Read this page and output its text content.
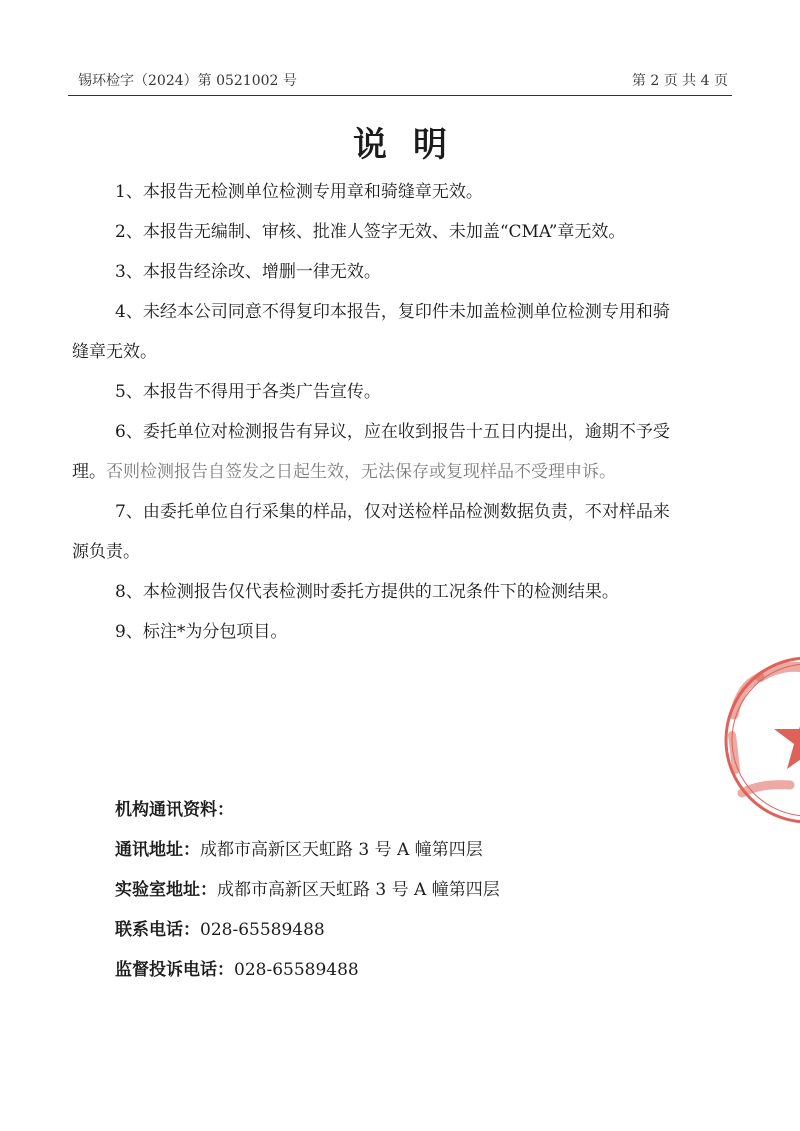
锡环检字（2024）第 0521002 号	第 2 页 共 4 页
说明

1、本报告无检测单位检测专用章和骑缝章无效。

2、本报告无编制、审核、批准人签字无效、未加盖“CMA”章无效。

3、本报告经涂改、增删一律无效。

4、未经本公司同意不得复印本报告，复印件未加盖检测单位检测专用和骑
缝章无效。

5、本报告不得用于各类广告宣传。

6、委托单位对检测报告有异议，应在收到报告十五日内提出，逾期不予受
理。否则检测报告自签发之日起生效，无法保存或复现样品不受理申诉。

7、由委托单位自行采集的样品，仅对送检样品检测数据负责，不对样品来
源负责。

8、本检测报告仅代表检测时委托方提供的工况条件下的检测结果。

9、标注*为分包项目。

机构通讯资料：

通讯地址：成都市高新区天虹路 3 号 A 幢第四层

实验室地址：成都市高新区天虹路 3 号 A 幢第四层

联系电话：028-65589488

监督投诉电话：028-65589488
